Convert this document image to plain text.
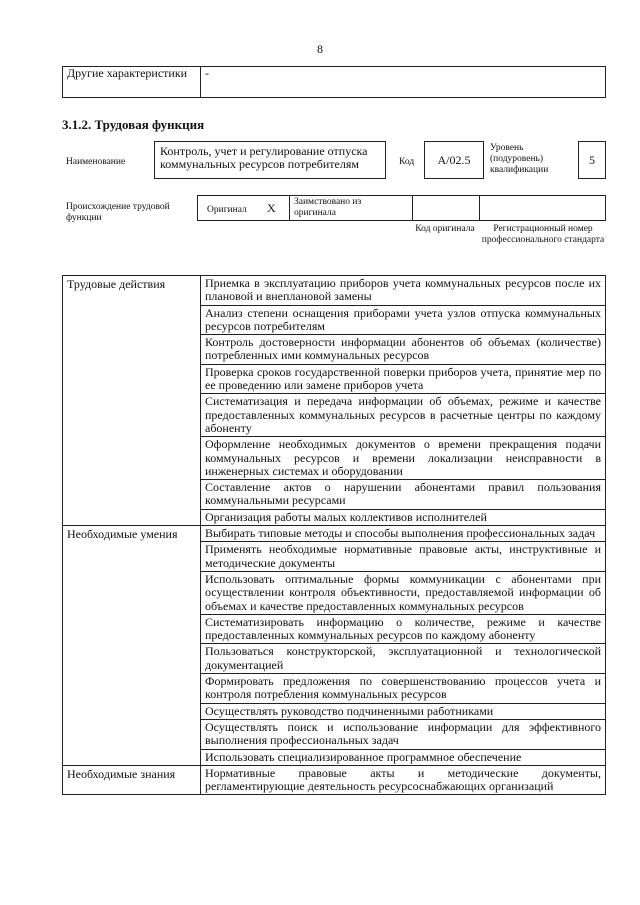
8
Другие характеристики	-
3.1.2. Трудовая функция
Наименование
Контроль, учет и регулирование отпуска коммунальных ресурсов потребителям	Код	A/02.5
Уровень (подуровень) квалификации
5
Происхождение трудовой функции
Оригинал X Заимствовано из оригинала
Код оригинала	Регистрационный номер профессионального стандарта
Трудовые действия	Приемка в эксплуатацию приборов учета коммунальных ресурсов после их плановой и внеплановой замены
	Анализ степени оснащения приборами учета узлов отпуска коммунальных ресурсов потребителям
	Контроль достоверности информации абонентов об объемах (количестве) потребленных ими коммунальных ресурсов
	Проверка сроков государственной поверки приборов учета, принятие мер по ее проведению или замене приборов учета
	Систематизация и передача информации об объемах, режиме и качестве предоставленных коммунальных ресурсов в расчетные центры по каждому абоненту
	Оформление необходимых документов о времени прекращения подачи коммунальных ресурсов и времени локализации неисправности в инженерных системах и оборудовании
	Составление актов о нарушении абонентами правил пользования коммунальными ресурсами
	Организация работы малых коллективов исполнителей
Необходимые умения	Выбирать типовые методы и способы выполнения профессиональных задач
	Применять необходимые нормативные правовые акты, инструктивные и методические документы
	Использовать оптимальные формы коммуникации с абонентами при осуществлении контроля объективности, предоставляемой информации об объемах и качестве предоставленных коммунальных ресурсов
	Систематизировать информацию о количестве, режиме и качестве предоставленных коммунальных ресурсов по каждому абоненту
	Пользоваться конструкторской, эксплуатационной и технологической документацией
	Формировать предложения по совершенствованию процессов учета и контроля потребления коммунальных ресурсов
	Осуществлять руководство подчиненными работниками
	Осуществлять поиск и использование информации для эффективного выполнения профессиональных задач
	Использовать специализированное программное обеспечение
Необходимые знания	Нормативные правовые акты и методические документы, регламентирующие деятельность ресурсоснабжающих организаций
